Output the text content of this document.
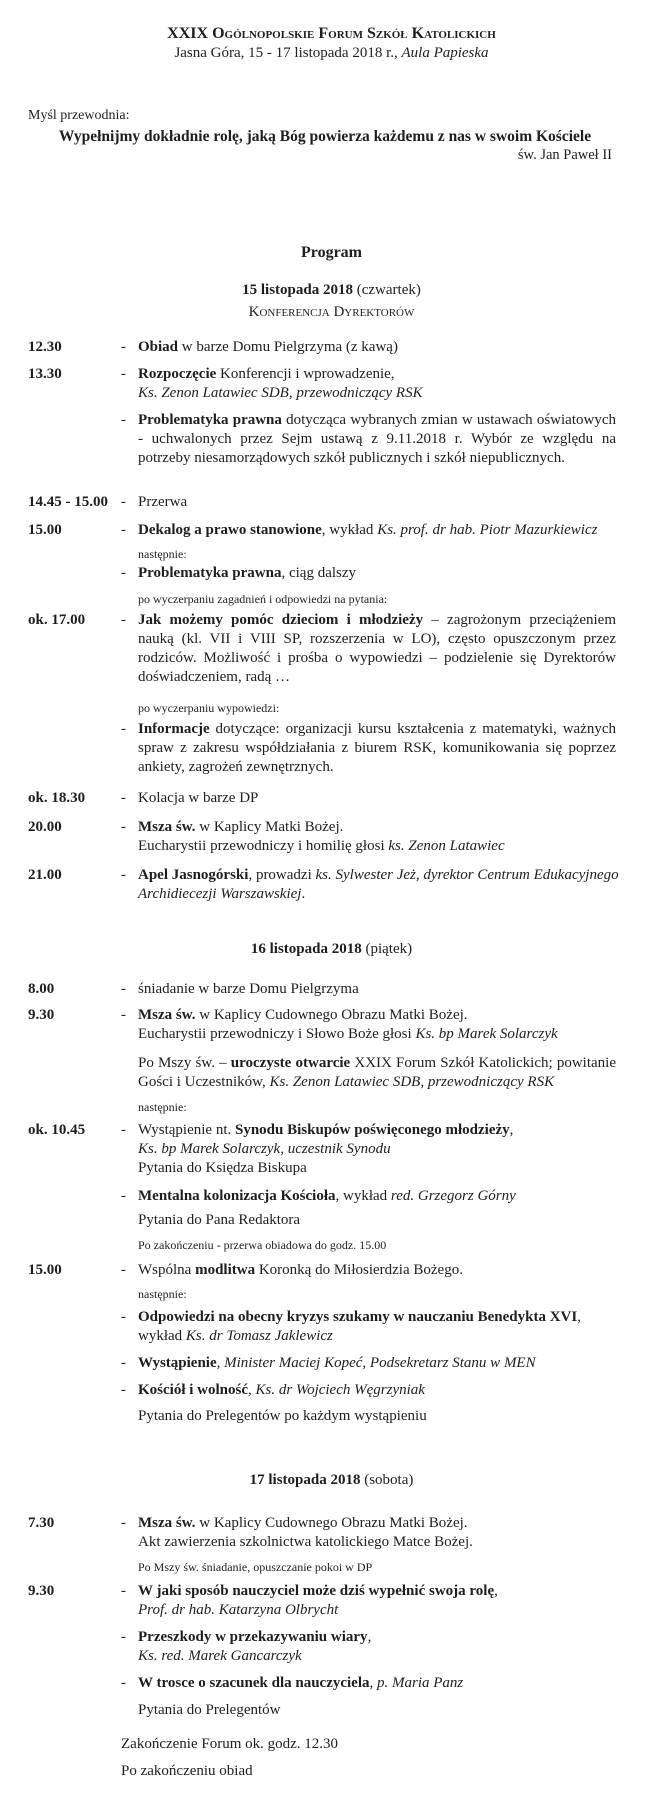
XXIX Ogólnopolskie Forum Szkół Katolickich
Jasna Góra, 15 - 17 listopada 2018 r., Aula Papieska
Myśl przewodnia:
Wypełnijmy dokładnie rolę, jaką Bóg powierza każdemu z nas w swoim Kościele
św. Jan Paweł II
Program
15 listopada 2018 (czwartek)
Konferencja Dyrektorów
12.30	- Obiad w barze Domu Pielgrzyma (z kawą)
13.30	- Rozpoczęcie Konferencji i wprowadzenie,
Ks. Zenon Latawiec SDB, przewodniczący RSK
- Problematyka prawna dotycząca wybranych zmian w ustawach oświatowych - uchwalonych przez Sejm ustawą z 9.11.2018 r. Wybór ze względu na potrzeby niesamorządowych szkół publicznych i szkół niepublicznych.
14.45 - 15.00 - Przerwa
15.00	- Dekalog a prawo stanowione, wykład Ks. prof. dr hab. Piotr Mazurkiewicz
następnie:
- Problematyka prawna, ciąg dalszy
po wyczerpaniu zagadnień i odpowiedzi na pytania:
ok. 17.00 - Jak możemy pomóc dzieciom i młodzieży – zagrożonym przeciążeniem nauką (kl. VII i VIII SP, rozszerzenia w LO), często opuszczonym przez rodziców. Możliwość i prośba o wypowiedzi – podzielenie się Dyrektorów doświadczeniem, radą …
po wyczerpaniu wypowiedzi:
- Informacje dotyczące: organizacji kursu kształcenia z matematyki, ważnych spraw z zakresu współdziałania z biurem RSK, komunikowania się poprzez ankiety, zagrożeń zewnętrznych.
ok. 18.30 - Kolacja w barze DP
20.00	- Msza św. w Kaplicy Matki Bożej.
Eucharystii przewodniczy i homilię głosi ks. Zenon Latawiec
21.00	- Apel Jasnogórski, prowadzi ks. Sylwester Jeż, dyrektor Centrum Edukacyjnego Archidiecezji Warszawskiej.
16 listopada 2018 (piątek)
8.00	- śniadanie w barze Domu Pielgrzyma
9.30	- Msza św. w Kaplicy Cudownego Obrazu Matki Bożej.
Eucharystii przewodniczy i Słowo Boże głosi Ks. bp Marek Solarczyk
Po Mszy św. – uroczyste otwarcie XXIX Forum Szkół Katolickich; powitanie Gości i Uczestników, Ks. Zenon Latawiec SDB, przewodniczący RSK
następnie:
ok. 10.45 - Wystąpienie nt. Synodu Biskupów poświęconego młodzieży,
Ks. bp Marek Solarczyk, uczestnik Synodu
Pytania do Księdza Biskupa
- Mentalna kolonizacja Kościoła, wykład red. Grzegorz Górny
Pytania do Pana Redaktora
Po zakończeniu - przerwa obiadowa do godz. 15.00
15.00	- Wspólna modlitwa Koronką do Miłosierdzia Bożego.
następnie:
- Odpowiedzi na obecny kryzys szukamy w nauczaniu Benedykta XVI,
wykład Ks. dr Tomasz Jaklewicz
- Wystąpienie, Minister Maciej Kopeć, Podsekretarz Stanu w MEN
- Kościół i wolność, Ks. dr Wojciech Węgrzyniak
Pytania do Prelegentów po każdym wystąpieniu
17 listopada 2018 (sobota)
7.30	- Msza św. w Kaplicy Cudownego Obrazu Matki Bożej.
Akt zawierzenia szkolnictwa katolickiego Matce Bożej.
Po Mszy św. śniadanie, opuszczanie pokoi w DP
9.30	- W jaki sposób nauczyciel może dziś wypełnić swoja rolę,
Prof. dr hab. Katarzyna Olbrycht
- Przeszkody w przekazywaniu wiary,
Ks. red. Marek Gancarczyk
- W trosce o szacunek dla nauczyciela, p. Maria Panz
Pytania do Prelegentów
Zakończenie Forum ok. godz. 12.30
Po zakończeniu obiad
